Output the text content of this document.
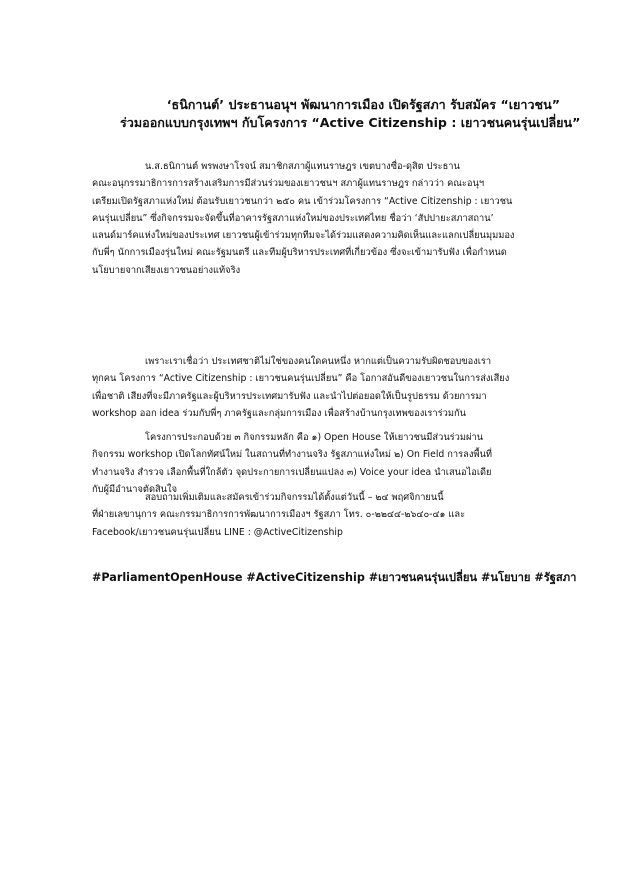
‘ธนิกานต์’ ประธานอนุฯ พัฒนาการเมือง เปิดรัฐสภา รับสมัคร “เยาวชน”
ร่วมออกแบบกรุงเทพฯ กับโครงการ “Active Citizenship : เยาวชนคนรุ่นเปลี่ยน”
น.ส.ธนิกานต์ พรพงษาโรจน์ สมาชิกสภาผู้แทนราษฎร เขตบางซื่อ-ดุสิต ประธาน
คณะอนุกรรมาธิการการสร้างเสริมการมีส่วนร่วมของเยาวชนฯ สภาผู้แทนราษฎร กล่าวว่า คณะอนุฯ
เตรียมเปิดรัฐสภาแห่งใหม่ ต้อนรับเยาวชนกว่า ๒๕๐ คน เข้าร่วมโครงการ “Active Citizenship : เยาวชน
คนรุ่นเปลี่ยน” ซึ่งกิจกรรมจะจัดขึ้นที่อาคารรัฐสภาแห่งใหม่ของประเทศไทย ชื่อว่า ‘สัปปายะสภาสถาน’
แลนด์มาร์คแห่งใหม่ของประเทศ เยาวชนผู้เข้าร่วมทุกทีมจะได้ร่วมแสดงความคิดเห็นและแลกเปลี่ยนมุมมอง
กับพี่ๆ นักการเมืองรุ่นใหม่ คณะรัฐมนตรี และทีมผู้บริหารประเทศที่เกี่ยวข้อง ซึ่งจะเข้ามารับฟัง เพื่อกำหนด
นโยบายจากเสียงเยาวชนอย่างแท้จริง
เพราะเราเชื่อว่า ประเทศชาติไม่ใช่ของคนใดคนหนึ่ง หากแต่เป็นความรับผิดชอบของเรา
ทุกคน โครงการ “Active Citizenship : เยาวชนคนรุ่นเปลี่ยน” คือ โอกาสอันดีของเยาวชนในการส่งเสียง
เพื่อชาติ เสียงที่จะมีภาครัฐและผู้บริหารประเทศมารับฟัง และนำไปต่อยอดให้เป็นรูปธรรม ด้วยการมา
workshop ออก idea ร่วมกับพี่ๆ ภาครัฐและกลุ่มการเมือง เพื่อสร้างบ้านกรุงเทพของเราร่วมกัน
โครงการประกอบด้วย ๓ กิจกรรมหลัก คือ ๑) Open House ให้เยาวชนมีส่วนร่วมผ่าน
กิจกรรม workshop เปิดโลกทัศน์ใหม่ ในสถานที่ทำงานจริง รัฐสภาแห่งใหม่ ๒) On Field การลงพื้นที่
ทำงานจริง สำรวจ เลือกพื้นที่ใกล้ตัว จุดประกายการเปลี่ยนแปลง ๓) Voice your idea นำเสนอไอเดีย
กับผู้มีอำนาจตัดสินใจ
สอบถามเพิ่มเติมและสมัครเข้าร่วมกิจกรรมได้ตั้งแต่วันนี้ – ๒๔ พฤศจิกายนนี้
ที่ฝ่ายเลขานุการ คณะกรรมาธิการการพัฒนาการเมืองฯ รัฐสภา โทร. ๐-๒๒๔๔-๒๖๔๐-๔๑ และ
Facebook/เยาวชนคนรุ่นเปลี่ยน LINE : @ActiveCitizenship
#ParliamentOpenHouse #ActiveCitizenship #เยาวชนคนรุ่นเปลี่ยน #นโยบาย #รัฐสภา
